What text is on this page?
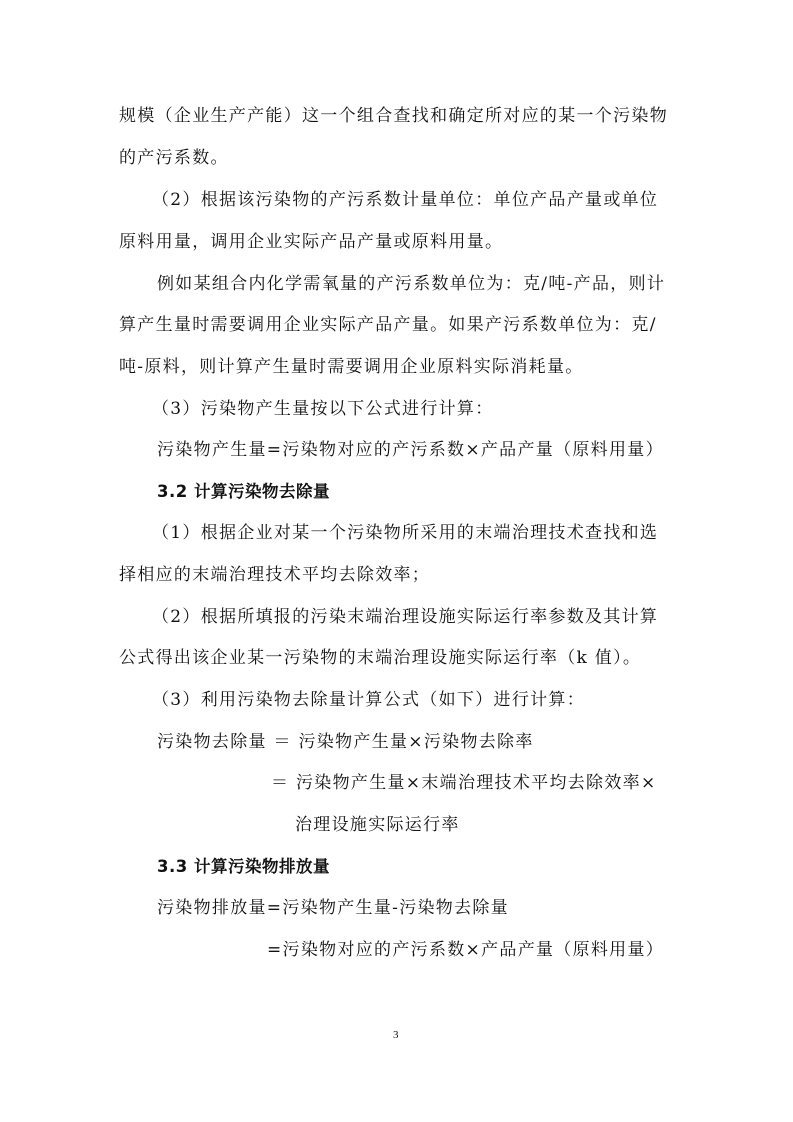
规模（企业生产产能）这一个组合查找和确定所对应的某一个污染物
的产污系数。
（2）根据该污染物的产污系数计量单位：单位产品产量或单位
原料用量，调用企业实际产品产量或原料用量。
例如某组合内化学需氧量的产污系数单位为：克/吨-产品，则计
算产生量时需要调用企业实际产品产量。如果产污系数单位为：克/
吨-原料，则计算产生量时需要调用企业原料实际消耗量。
（3）污染物产生量按以下公式进行计算：
污染物产生量=污染物对应的产污系数×产品产量（原料用量）
3.2 计算污染物去除量
（1）根据企业对某一个污染物所采用的末端治理技术查找和选
择相应的末端治理技术平均去除效率；
（2）根据所填报的污染末端治理设施实际运行率参数及其计算
公式得出该企业某一污染物的末端治理设施实际运行率（k 值）。
（3）利用污染物去除量计算公式（如下）进行计算：
污染物去除量 ＝ 污染物产生量×污染物去除率
＝ 污染物产生量×末端治理技术平均去除效率×
治理设施实际运行率
3.3 计算污染物排放量
污染物排放量=污染物产生量-污染物去除量
=污染物对应的产污系数×产品产量（原料用量）
3
